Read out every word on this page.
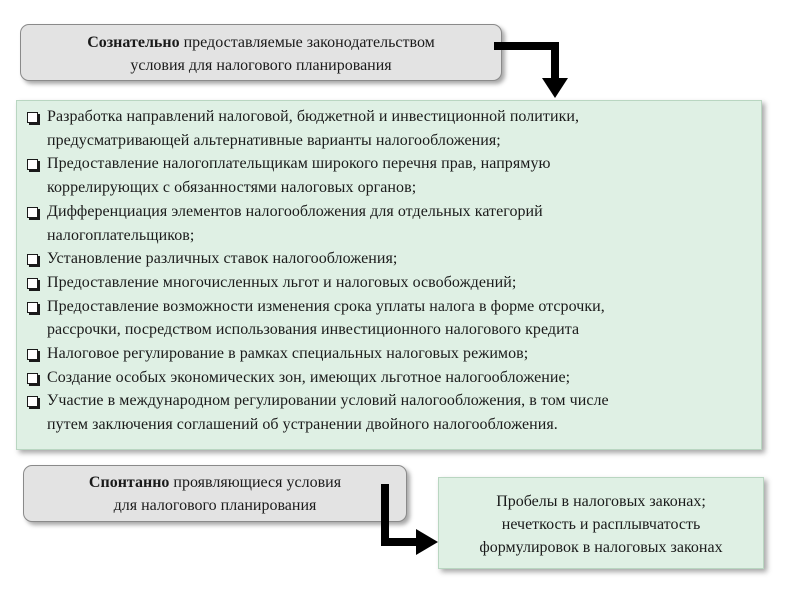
Сознательно предоставляемые законодательством
условия для налогового планирования
Разработка направлений налоговой, бюджетной и инвестиционной политики,
предусматривающей альтернативные варианты налогообложения;
Предоставление налогоплательщикам широкого перечня прав, напрямую
коррелирующих с обязанностями налоговых органов;
Дифференциация элементов налогообложения для отдельных категорий
налогоплательщиков;
Установление различных ставок налогообложения;
Предоставление многочисленных льгот и налоговых освобождений;
Предоставление возможности изменения срока уплаты налога в форме отсрочки,
рассрочки, посредством использования инвестиционного налогового кредита
Налоговое регулирование в рамках специальных налоговых режимов;
Создание особых экономических зон, имеющих льготное налогообложение;
Участие в международном регулировании условий налогообложения, в том числе
путем заключения соглашений об устранении двойного налогообложения.
Спонтанно проявляющиеся условия
для налогового планирования	Пробелы в налоговых законах;
нечеткость и расплывчатость
формулировок в налоговых законах
